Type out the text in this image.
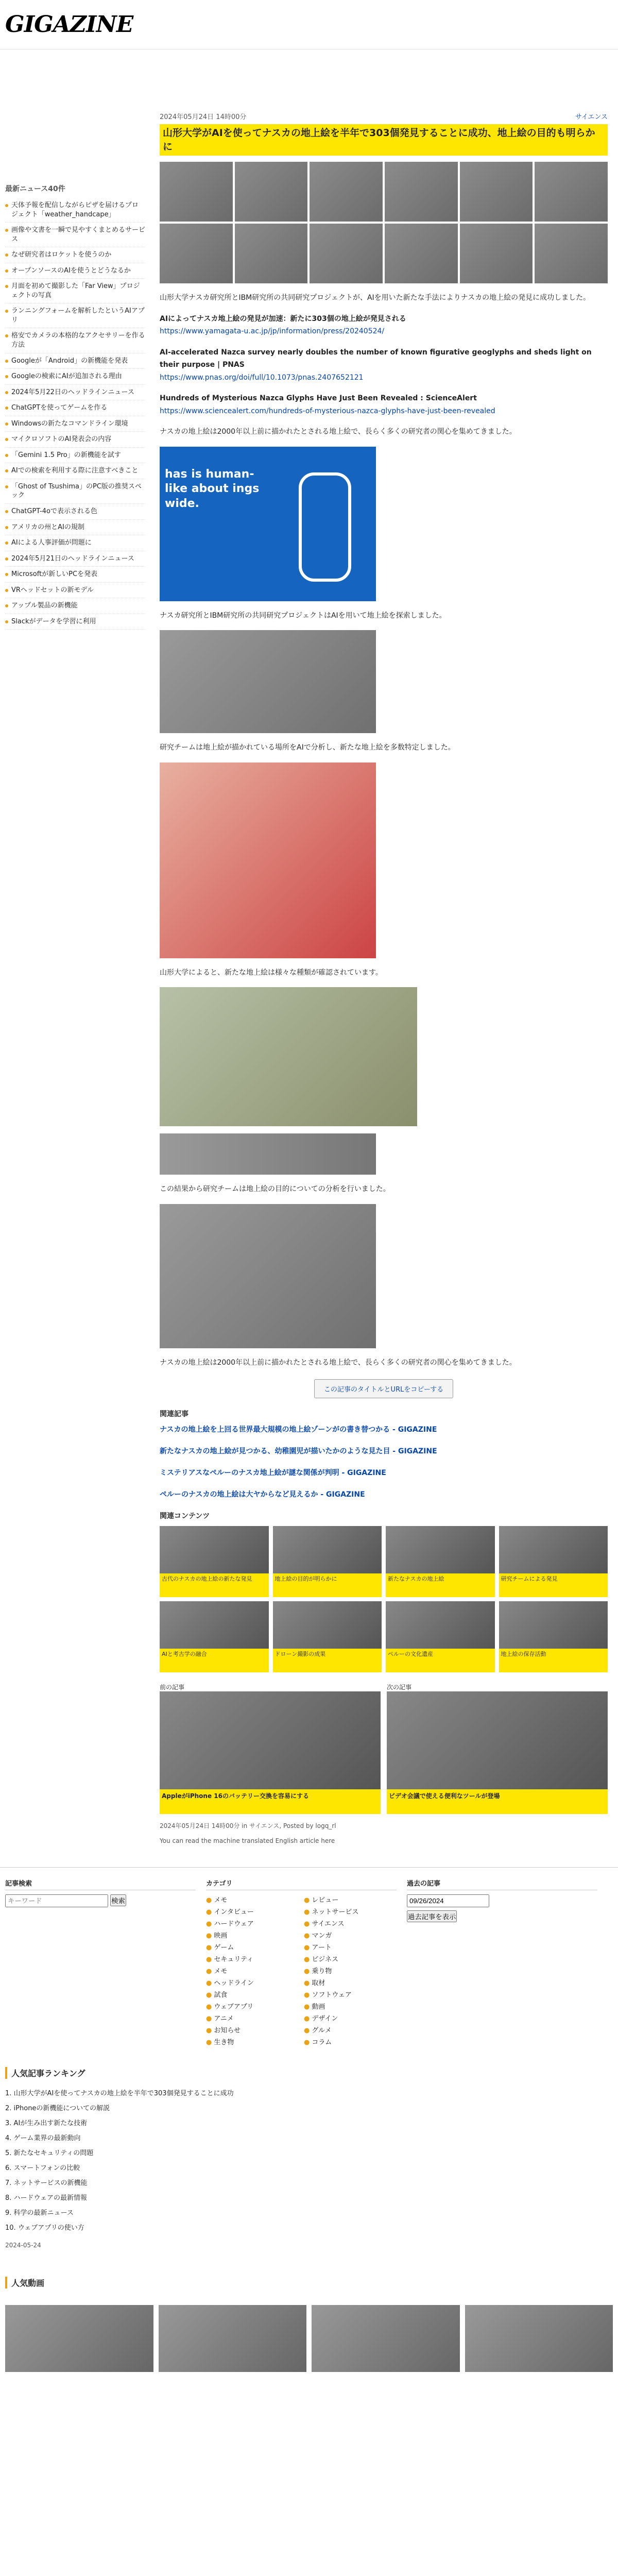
GIGAZINE
最新ニュース40件
天体予報を配信しながらピザを届けるプロジェクト「weather_handcape」
画像や文書を一瞬で見やすくまとめるサービス
なぜ研究者はロケットを使うのか
オープンソースのAIを使うとどうなるか
月面を初めて撮影した「Far View」プロジェクトの写真
ランニングフォームを解析したというAIアプリ
格安でカメラの本格的なアクセサリーを作る方法
Googleが「Android」の新機能を発表
Googleの検索にAIが追加される理由
2024年5月22日のヘッドラインニュース
ChatGPTを使ってゲームを作る
Windowsの新たなコマンドライン環境
マイクロソフトのAI発表会の内容
「Gemini 1.5 Pro」の新機能を試す
AIでの検索を利用する際に注意すべきこと
「Ghost of Tsushima」のPC版の推奨スペック
ChatGPT-4oで表示される色
アメリカの州とAIの規制
AIによる人事評価が問題に
2024年5月21日のヘッドラインニュース
Microsoftが新しいPCを発表
VRヘッドセットの新モデル
アップル製品の新機能
Slackがデータを学習に利用
2024年05月24日 14時00分	サイエンス
山形大学がAIを使ってナスカの地上絵を半年で303個発見することに成功、地上絵の目的も明らかに

山形大学ナスカ研究所とIBM研究所の共同研究プロジェクトが、AIを用いた新たな手法によりナスカの地上絵の発見に成功しました。

AIによってナスカ地上絵の発見が加速：新たに303個の地上絵が発見される
https://www.yamagata-u.ac.jp/jp/information/press/20240524/

AI-accelerated Nazca survey nearly doubles the number of known figurative geoglyphs and sheds light on their purpose | PNAS
https://www.pnas.org/doi/full/10.1073/pnas.2407652121

Hundreds of Mysterious Nazca Glyphs Have Just Been Revealed : ScienceAlert
https://www.sciencealert.com/hundreds-of-mysterious-nazca-glyphs-have-just-been-revealed

ナスカの地上絵は2000年以上前に描かれたとされる地上絵で、長らく多くの研究者の関心を集めてきました。

has is human-like about ings wide.

ナスカ研究所とIBM研究所の共同研究プロジェクトはAIを用いて地上絵を探索しました。

研究チームは地上絵が描かれている場所をAIで分析し、新たな地上絵を多数特定しました。

山形大学によると、新たな地上絵は様々な種類が確認されています。

この結果から研究チームは地上絵の目的についての分析を行いました。

ナスカの地上絵は2000年以上前に描かれたとされる地上絵で、長らく多くの研究者の関心を集めてきました。

この記事のタイトルとURLをコピーする
関連記事
ナスカの地上絵を上回る世界最大規模の地上絵ゾーンがの書き替つかる - GIGAZINE
新たなナスカの地上絵が見つかる、幼稚園児が描いたかのような見た目 - GIGAZINE
ミステリアスなペルーのナスカ地上絵が謎な関係が判明 - GIGAZINE
ペルーのナスカの地上絵は大ヤからなど見えるか - GIGAZINE
関連コンテンツ
古代のナスカの地上絵の新たな発見	地上絵の目的が明らかに	新たなナスカの地上絵	研究チームによる発見
AIと考古学の融合	ドローン撮影の成果	ペルーの文化遺産	地上絵の保存活動
前の記事
AppleがiPhone 16のバッテリー交換を容易にする
次の記事
ビデオ会議で使える便利なツールが登場
2024年05月24日 14時00分 in サイエンス, Posted by logq_rl
You can read the machine translated English article here
記事検索
キーワード 検索
カテゴリ
● メモ	● レビュー
● インタビュー	● ネットサービス
● ハードウェア	● サイエンス
● 映画	● マンガ
● ゲーム	● アート
● セキュリティ	● ビジネス
● メモ	● 乗り物
● ヘッドライン	● 取材
● 試食	● ソフトウェア
● ウェブアプリ	● 動画
● アニメ	● デザイン
● お知らせ	● グルメ
● 生き物	● コラム
過去の記事
09/26/2024
過去記事を表示
人気記事ランキング
1. 山形大学がAIを使ってナスカの地上絵を半年で303個発見することに成功
2. iPhoneの新機能についての解説
3. AIが生み出す新たな技術
4. ゲーム業界の最新動向
5. 新たなセキュリティの問題
6. スマートフォンの比較
7. ネットサービスの新機能
8. ハードウェアの最新情報
9. 科学の最新ニュース
10. ウェブアプリの使い方
2024-05-24
人気動画
